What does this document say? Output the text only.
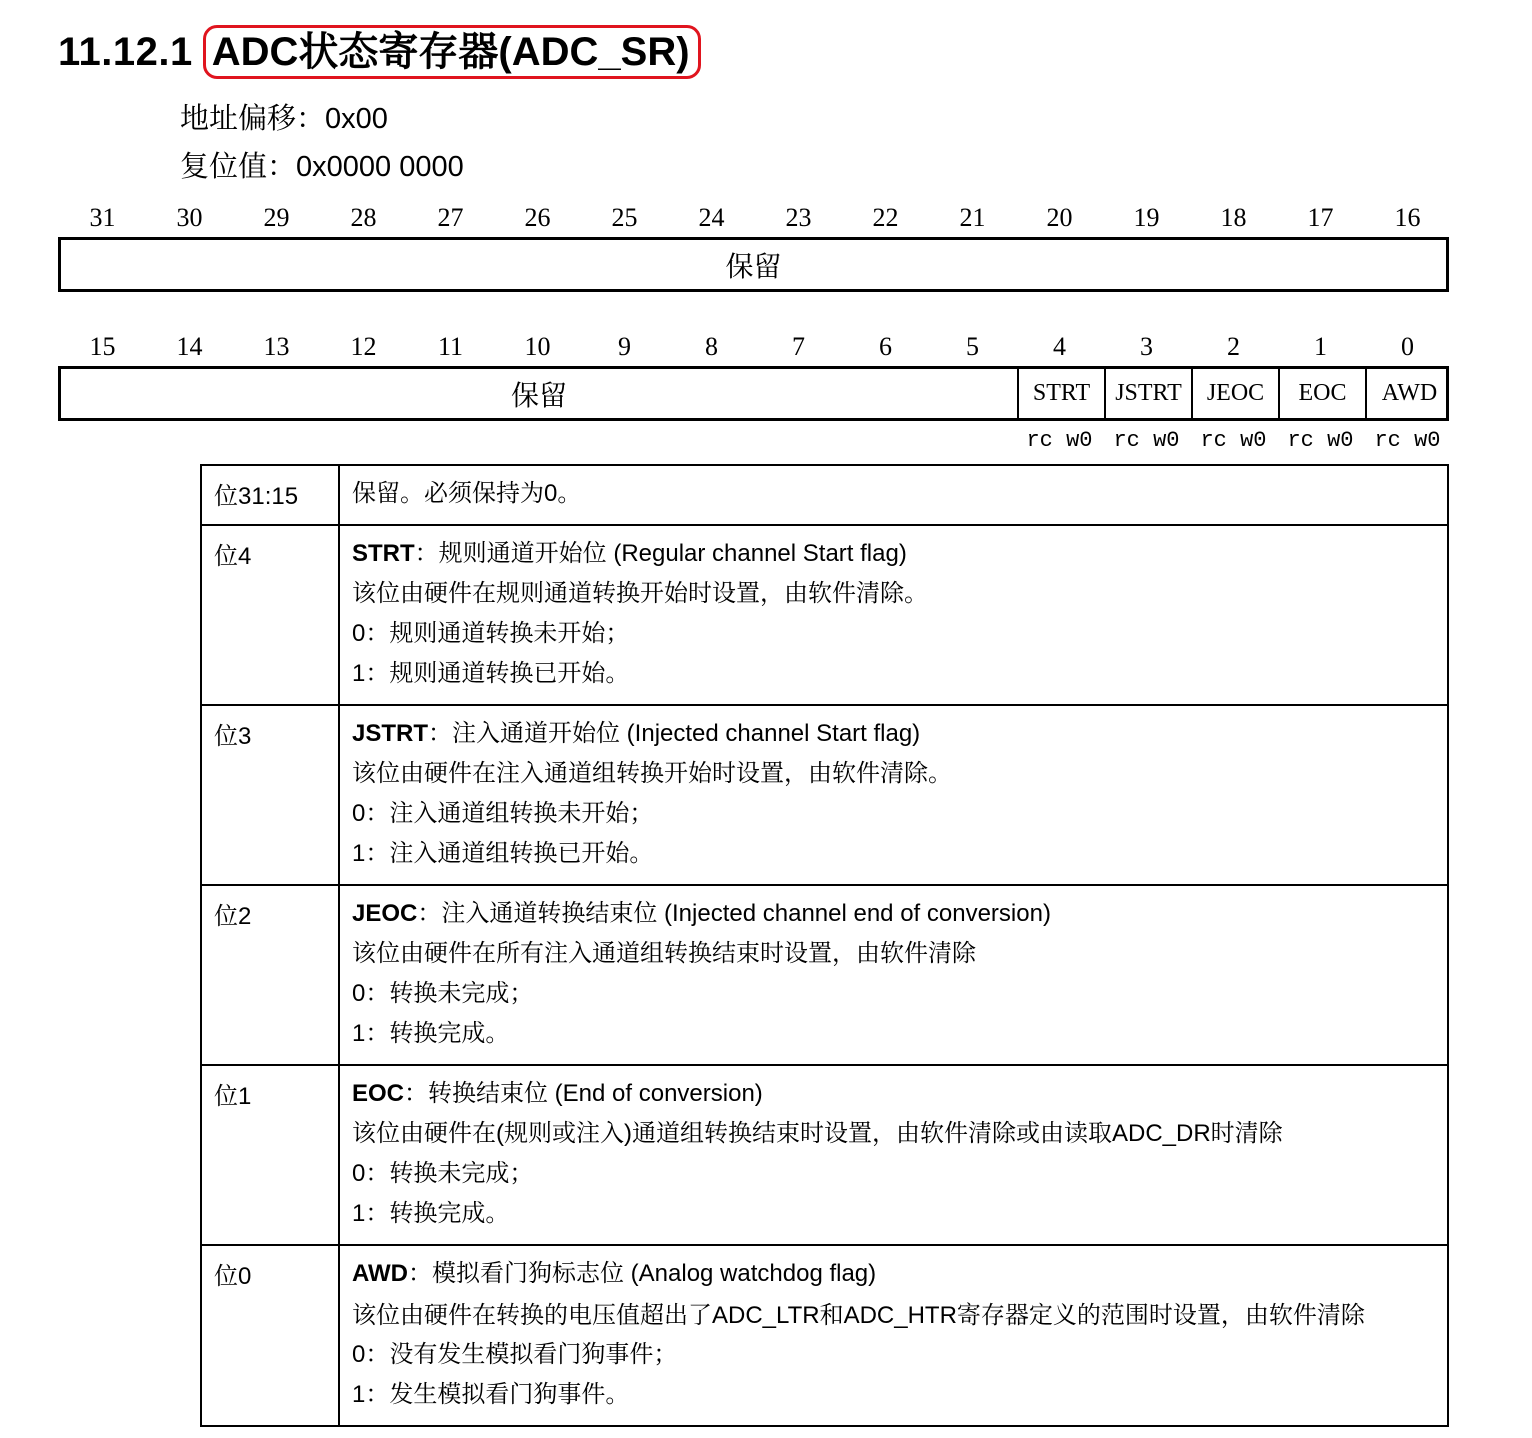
11.12.1 ADC状态寄存器(ADC_SR)
地址偏移：0x00
复位值：0x0000 0000
31	30	29	28	27	26	25	24	23	22	21	20	19	18	17	16
保留
15	14	13	12	11	10	9	8	7	6	5	4	3	2	1	0
保留	STRT	JSTRT	JEOC	EOC	AWD
rc w0 rc w0 rc w0 rc w0 rc w0
位31:15	保留。必须保持为0。

位4	STRT：规则通道开始位 (Regular channel Start flag)
该位由硬件在规则通道转换开始时设置，由软件清除。
0：规则通道转换未开始；
1：规则通道转换已开始。

位3	JSTRT：注入通道开始位 (Injected channel Start flag)
该位由硬件在注入通道组转换开始时设置，由软件清除。
0：注入通道组转换未开始；
1：注入通道组转换已开始。

位2	JEOC：注入通道转换结束位 (Injected channel end of conversion)
该位由硬件在所有注入通道组转换结束时设置，由软件清除
0：转换未完成；
1：转换完成。

位1	EOC：转换结束位 (End of conversion)
该位由硬件在(规则或注入)通道组转换结束时设置，由软件清除或由读取ADC_DR时清除
0：转换未完成；
1：转换完成。

位0	AWD：模拟看门狗标志位 (Analog watchdog flag)
该位由硬件在转换的电压值超出了ADC_LTR和ADC_HTR寄存器定义的范围时设置，由软件清除
0：没有发生模拟看门狗事件；
1：发生模拟看门狗事件。
